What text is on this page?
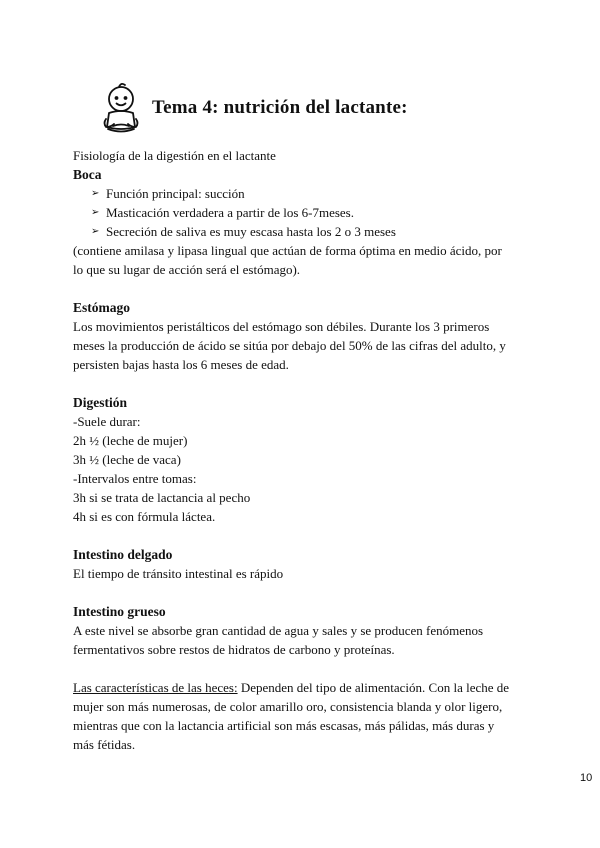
Tema 4: nutrición del lactante:

Fisiología de la digestión en el lactante

Boca

➢ Función principal: succión
➢ Masticación verdadera a partir de los 6-7meses.
➢ Secreción de saliva es muy escasa hasta los 2 o 3 meses

(contiene amilasa y lipasa lingual que actúan de forma óptima en medio ácido, por lo que su lugar de acción será el estómago).

Estómago

Los movimientos peristálticos del estómago son débiles. Durante los 3 primeros meses la producción de ácido se sitúa por debajo del 50% de las cifras del adulto, y persisten bajas hasta los 6 meses de edad.

Digestión

-Suele durar:

2h ½ (leche de mujer)

3h ½ (leche de vaca)

-Intervalos entre tomas:

3h si se trata de lactancia al pecho

4h si es con fórmula láctea.

Intestino delgado

El tiempo de tránsito intestinal es rápido

Intestino grueso

A este nivel se absorbe gran cantidad de agua y sales y se producen fenómenos fermentativos sobre restos de hidratos de carbono y proteínas.

Las características de las heces: Dependen del tipo de alimentación. Con la leche de mujer son más numerosas, de color amarillo oro, consistencia blanda y olor ligero, mientras que con la lactancia artificial son más escasas, más pálidas, más duras y más fétidas.

10
